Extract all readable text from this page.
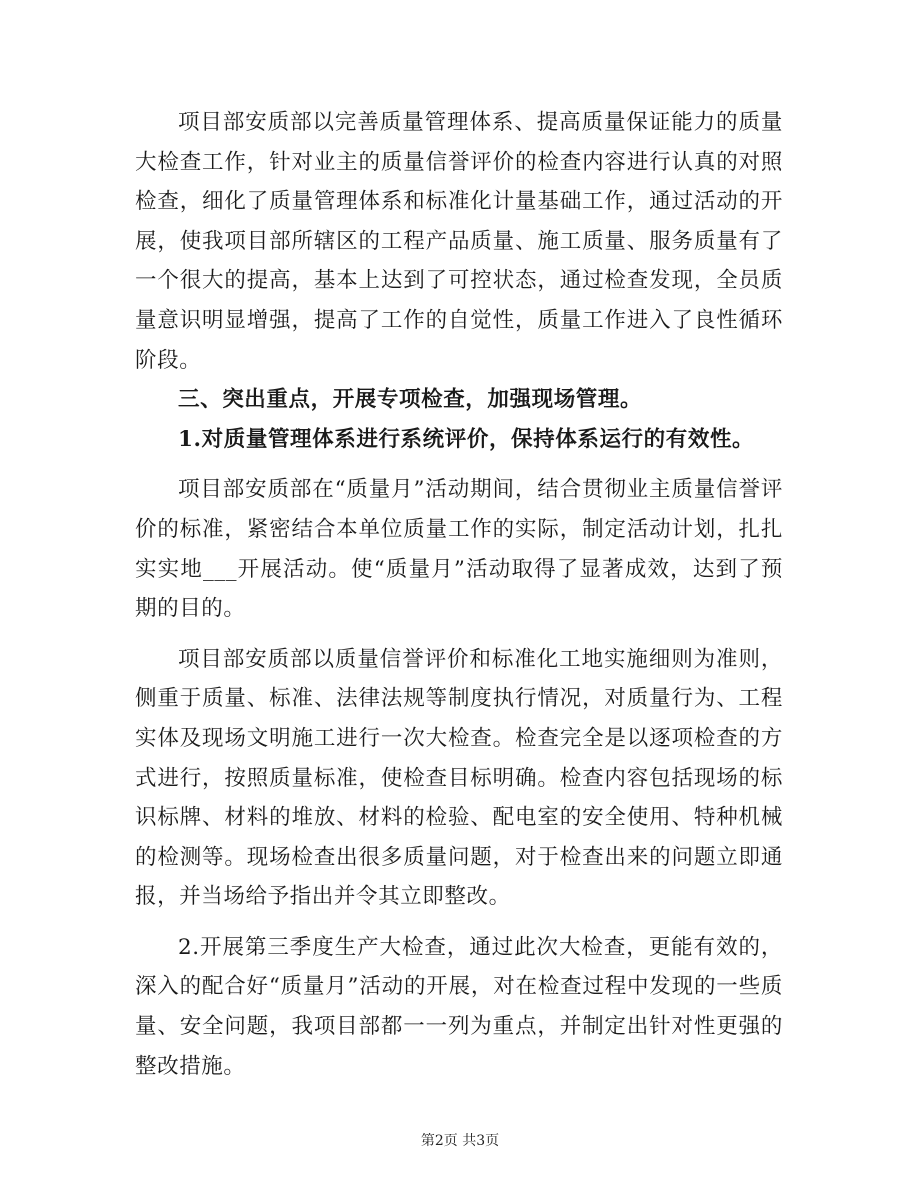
项目部安质部以完善质量管理体系、提高质量保证能力的质量大检查工作，针对业主的质量信誉评价的检查内容进行认真的对照检查，细化了质量管理体系和标准化计量基础工作，通过活动的开展，使我项目部所辖区的工程产品质量、施工质量、服务质量有了一个很大的提高，基本上达到了可控状态，通过检查发现，全员质量意识明显增强，提高了工作的自觉性，质量工作进入了良性循环阶段。

三、突出重点，开展专项检查，加强现场管理。

1.对质量管理体系进行系统评价，保持体系运行的有效性。

项目部安质部在“质量月”活动期间，结合贯彻业主质量信誉评价的标准，紧密结合本单位质量工作的实际，制定活动计划，扎扎实实地___开展活动。使“质量月”活动取得了显著成效，达到了预期的目的。

项目部安质部以质量信誉评价和标准化工地实施细则为准则，侧重于质量、标准、法律法规等制度执行情况，对质量行为、工程实体及现场文明施工进行一次大检查。检查完全是以逐项检查的方式进行，按照质量标准，使检查目标明确。检查内容包括现场的标识标牌、材料的堆放、材料的检验、配电室的安全使用、特种机械的检测等。现场检查出很多质量问题，对于检查出来的问题立即通报，并当场给予指出并令其立即整改。

2.开展第三季度生产大检查，通过此次大检查，更能有效的，深入的配合好“质量月”活动的开展，对在检查过程中发现的一些质量、安全问题，我项目部都一一列为重点，并制定出针对性更强的整改措施。

第2页 共3页
